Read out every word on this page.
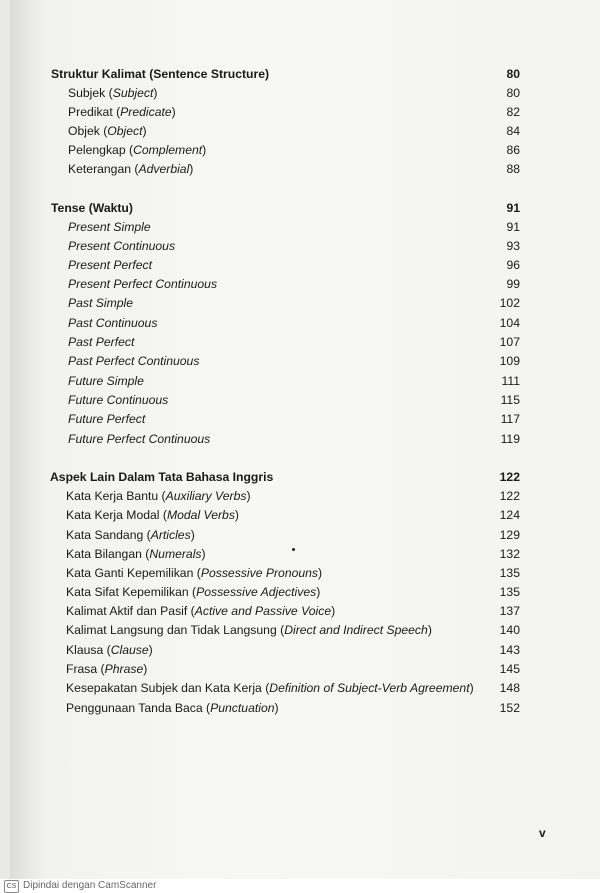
Struktur Kalimat (Sentence Structure)	80
Subjek (Subject)	80
Predikat (Predicate)	82
Objek (Object)	84
Pelengkap (Complement)	86
Keterangan (Adverbial)	88
Tense (Waktu)	91
Present Simple	91
Present Continuous	93
Present Perfect	96
Present Perfect Continuous	99
Past Simple	102
Past Continuous	104
Past Perfect	107
Past Perfect Continuous	109
Future Simple	111
Future Continuous	115
Future Perfect	117
Future Perfect Continuous	119
Aspek Lain Dalam Tata Bahasa Inggris	122
Kata Kerja Bantu (Auxiliary Verbs)	122
Kata Kerja Modal (Modal Verbs)	124
Kata Sandang (Articles)	129
Kata Bilangan (Numerals)	132
Kata Ganti Kepemilikan (Possessive Pronouns)	135
Kata Sifat Kepemilikan (Possessive Adjectives)	135
Kalimat Aktif dan Pasif (Active and Passive Voice)	137
Kalimat Langsung dan Tidak Langsung (Direct and Indirect Speech)	140
Klausa (Clause)	143
Frasa (Phrase)	145
Kesepakatan Subjek dan Kata Kerja (Definition of Subject-Verb Agreement)	148
Penggunaan Tanda Baca (Punctuation)	152
v
CS Dipindai dengan CamScanner
